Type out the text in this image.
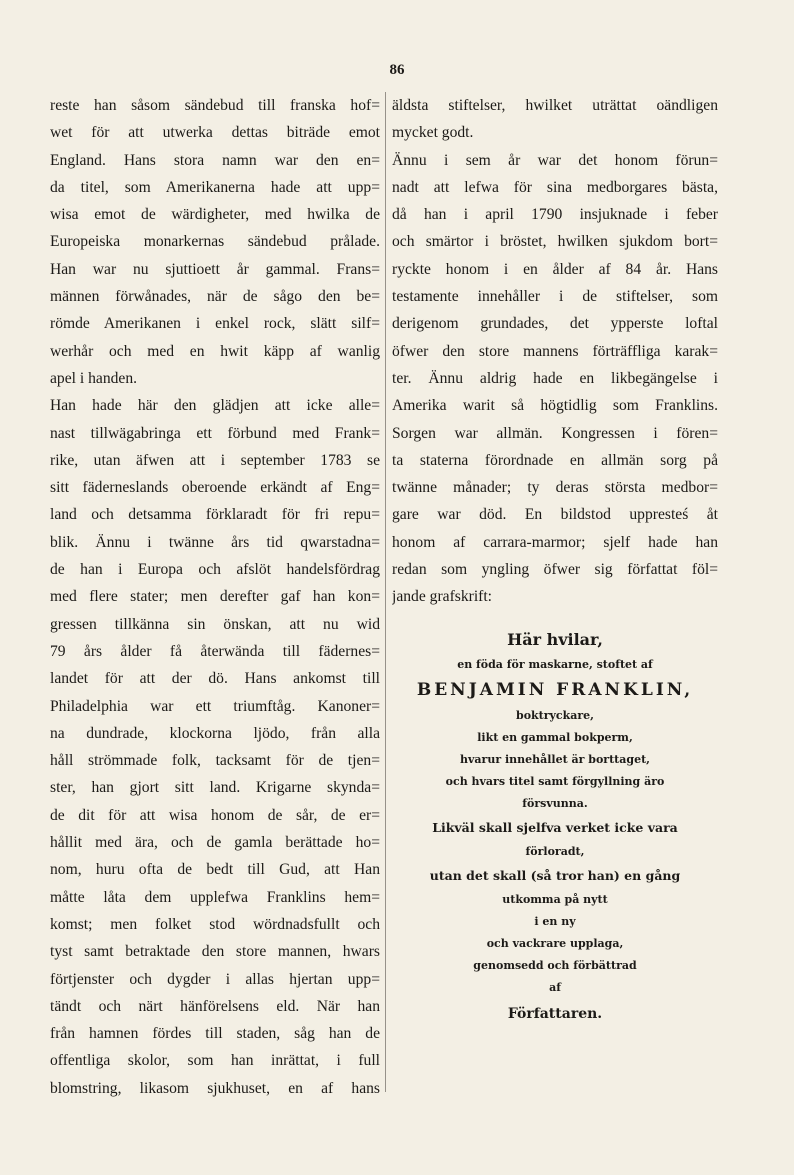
86
reste han såsom sändebud till franska hof=
wet för att utwerka dettas biträde emot
England. Hans stora namn war den en=
da titel, som Amerikanerna hade att upp=
wisa emot de wärdigheter, med hwilka de
Europeiska monarkernas sändebud prålade.
Han war nu sjuttioett år gammal. Frans=
männen förwånades, när de sågo den be=
römde Amerikanen i enkel rock, slätt silf=
werhår och med en hwit käpp af wanlig
apel i handen.
Han hade här den glädjen att icke alle=
nast tillwägabringa ett förbund med Frank=
rike, utan äfwen att i september 1783 se
sitt fäderneslands oberoende erkändt af Eng=
land och detsamma förklaradt för fri repu=
blik. Ännu i twänne års tid qwarstadna=
de han i Europa och afslöt handelsfördrag
med flere stater; men derefter gaf han kon=
gressen tillkänna sin önskan, att nu wid
79 års ålder få återwända till fädernes=
landet för att der dö. Hans ankomst till
Philadelphia war ett triumftåg. Kanoner=
na dundrade, klockorna ljödo, från alla
håll strömmade folk, tacksamt för de tjen=
ster, han gjort sitt land. Krigarne skynda=
de dit för att wisa honom de sår, de er=
hållit med ära, och de gamla berättade ho=
nom, huru ofta de bedt till Gud, att Han
måtte låta dem upplefwa Franklins hem=
komst; men folket stod wördnadsfullt och
tyst samt betraktade den store mannen, hwars
förtjenster och dygder i allas hjertan upp=
tändt och närt hänförelsens eld. När han
från hamnen fördes till staden, såg han de
offentliga skolor, som han inrättat, i full
blomstring, likasom sjukhuset, en af hans
äldsta stiftelser, hwilket uträttat oändligen
mycket godt.
Ännu i sem år war det honom förun=
nadt att lefwa för sina medborgares bästa,
då han i april 1790 insjuknade i feber
och smärtor i bröstet, hwilken sjukdom bort=
ryckte honom i en ålder af 84 år. Hans
testamente innehåller i de stiftelser, som
derigenom grundades, det ypperste loftal
öfwer den store mannens förträffliga karak=
ter. Ännu aldrig hade en likbegängelse i
Amerika warit så högtidlig som Franklins.
Sorgen war allmän. Kongressen i fören=
ta staterna förordnade en allmän sorg på
twänne månader; ty deras största medbor=
gare war död. En bildstod uppresteś åt
honom af carrara-marmor; sjelf hade han
redan som yngling öfwer sig författat föl=
jande grafskrift:
Här hvilar,
en föda för maskarne, stoftet af
BENJAMIN FRANKLIN,
boktryckare,
likt en gammal bokperm,
hvarur innehållet är borttaget,
och hvars titel samt förgyllning äro
försvunna.
Likväl skall sjelfva verket icke vara
förloradt,
utan det skall (så tror han) en gång
utkomma på nytt
i en ny
och vackrare upplaga,
genomsedd och förbättrad
af
Författaren.
